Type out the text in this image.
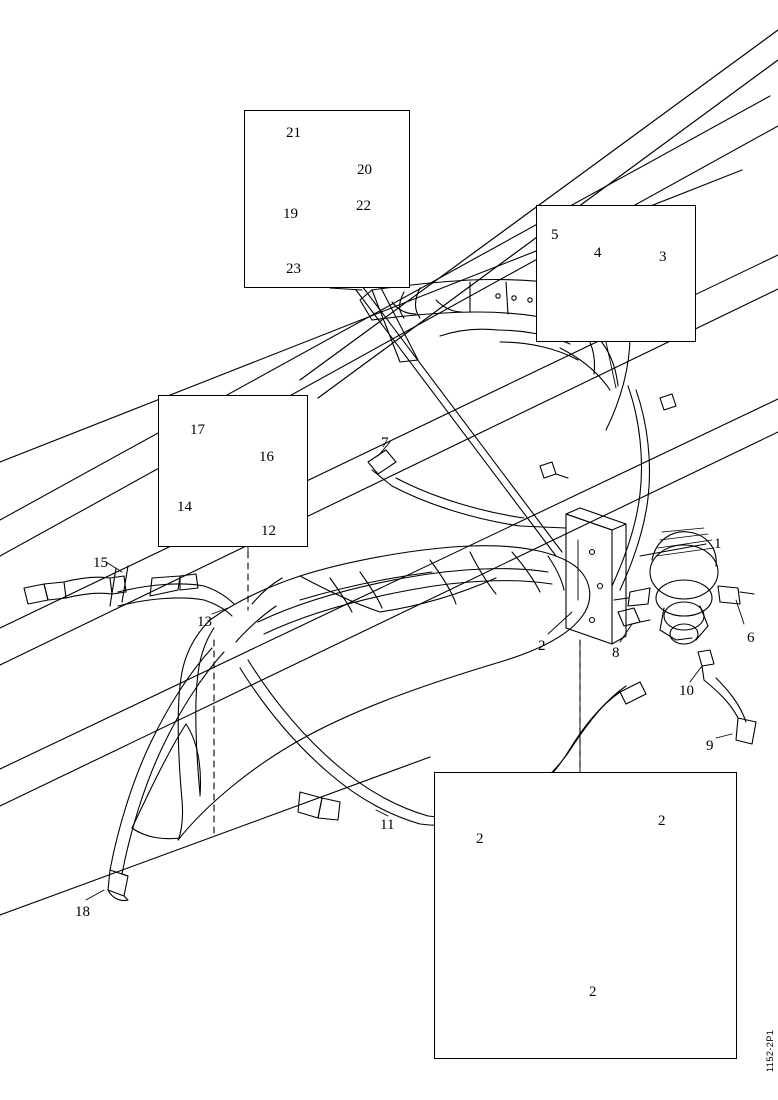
1
2
2
2
2
3
4
5
6
7
8
9
10
11
12
13
14
15
16
17
18
19
20
21
22
23
1152-2P1
